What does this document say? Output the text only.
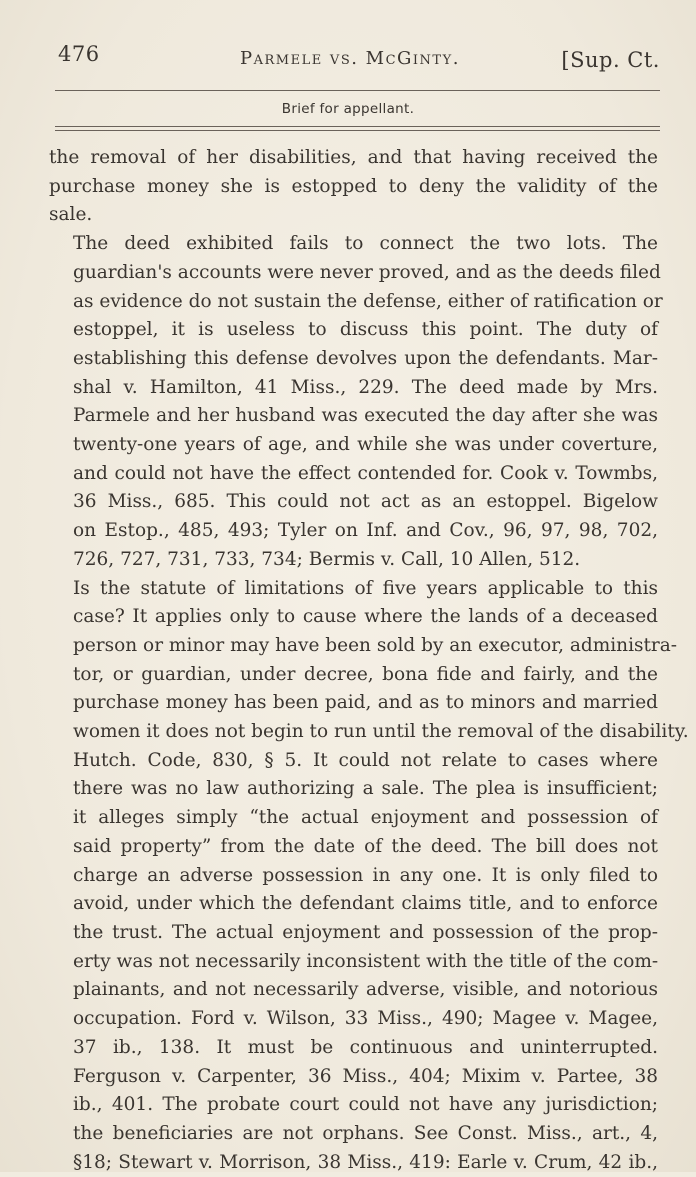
476	Parmele vs. McGinty.	[Sup. Ct.
Brief for appellant.

the removal of her disabilities, and that having received the
purchase money she is estopped to deny the validity of the
sale.

The deed exhibited fails to connect the two lots. The
guardian's accounts were never proved, and as the deeds filed
as evidence do not sustain the defense, either of ratification or
estoppel, it is useless to discuss this point. The duty of
establishing this defense devolves upon the defendants. Mar-
shal v. Hamilton, 41 Miss., 229. The deed made by Mrs.
Parmele and her husband was executed the day after she was
twenty-one years of age, and while she was under coverture,
and could not have the effect contended for. Cook v. Towmbs,
36 Miss., 685. This could not act as an estoppel. Bigelow
on Estop., 485, 493; Tyler on Inf. and Cov., 96, 97, 98, 702,
726, 727, 731, 733, 734; Bermis v. Call, 10 Allen, 512.

Is the statute of limitations of five years applicable to this
case? It applies only to cause where the lands of a deceased
person or minor may have been sold by an executor, administra-
tor, or guardian, under decree, bona fide and fairly, and the
purchase money has been paid, and as to minors and married
women it does not begin to run until the removal of the disability.
Hutch. Code, 830, § 5. It could not relate to cases where
there was no law authorizing a sale. The plea is insufficient;
it alleges simply “the actual enjoyment and possession of
said property” from the date of the deed. The bill does not
charge an adverse possession in any one. It is only filed to
avoid, under which the defendant claims title, and to enforce
the trust. The actual enjoyment and possession of the prop-
erty was not necessarily inconsistent with the title of the com-
plainants, and not necessarily adverse, visible, and notorious
occupation. Ford v. Wilson, 33 Miss., 490; Magee v. Magee,
37 ib., 138. It must be continuous and uninterrupted.
Ferguson v. Carpenter, 36 Miss., 404; Mixim v. Partee, 38
ib., 401. The probate court could not have any jurisdiction;
the beneficiaries are not orphans. See Const. Miss., art., 4,
§18; Stewart v. Morrison, 38 Miss., 419: Earle v. Crum, 42 ib.,
